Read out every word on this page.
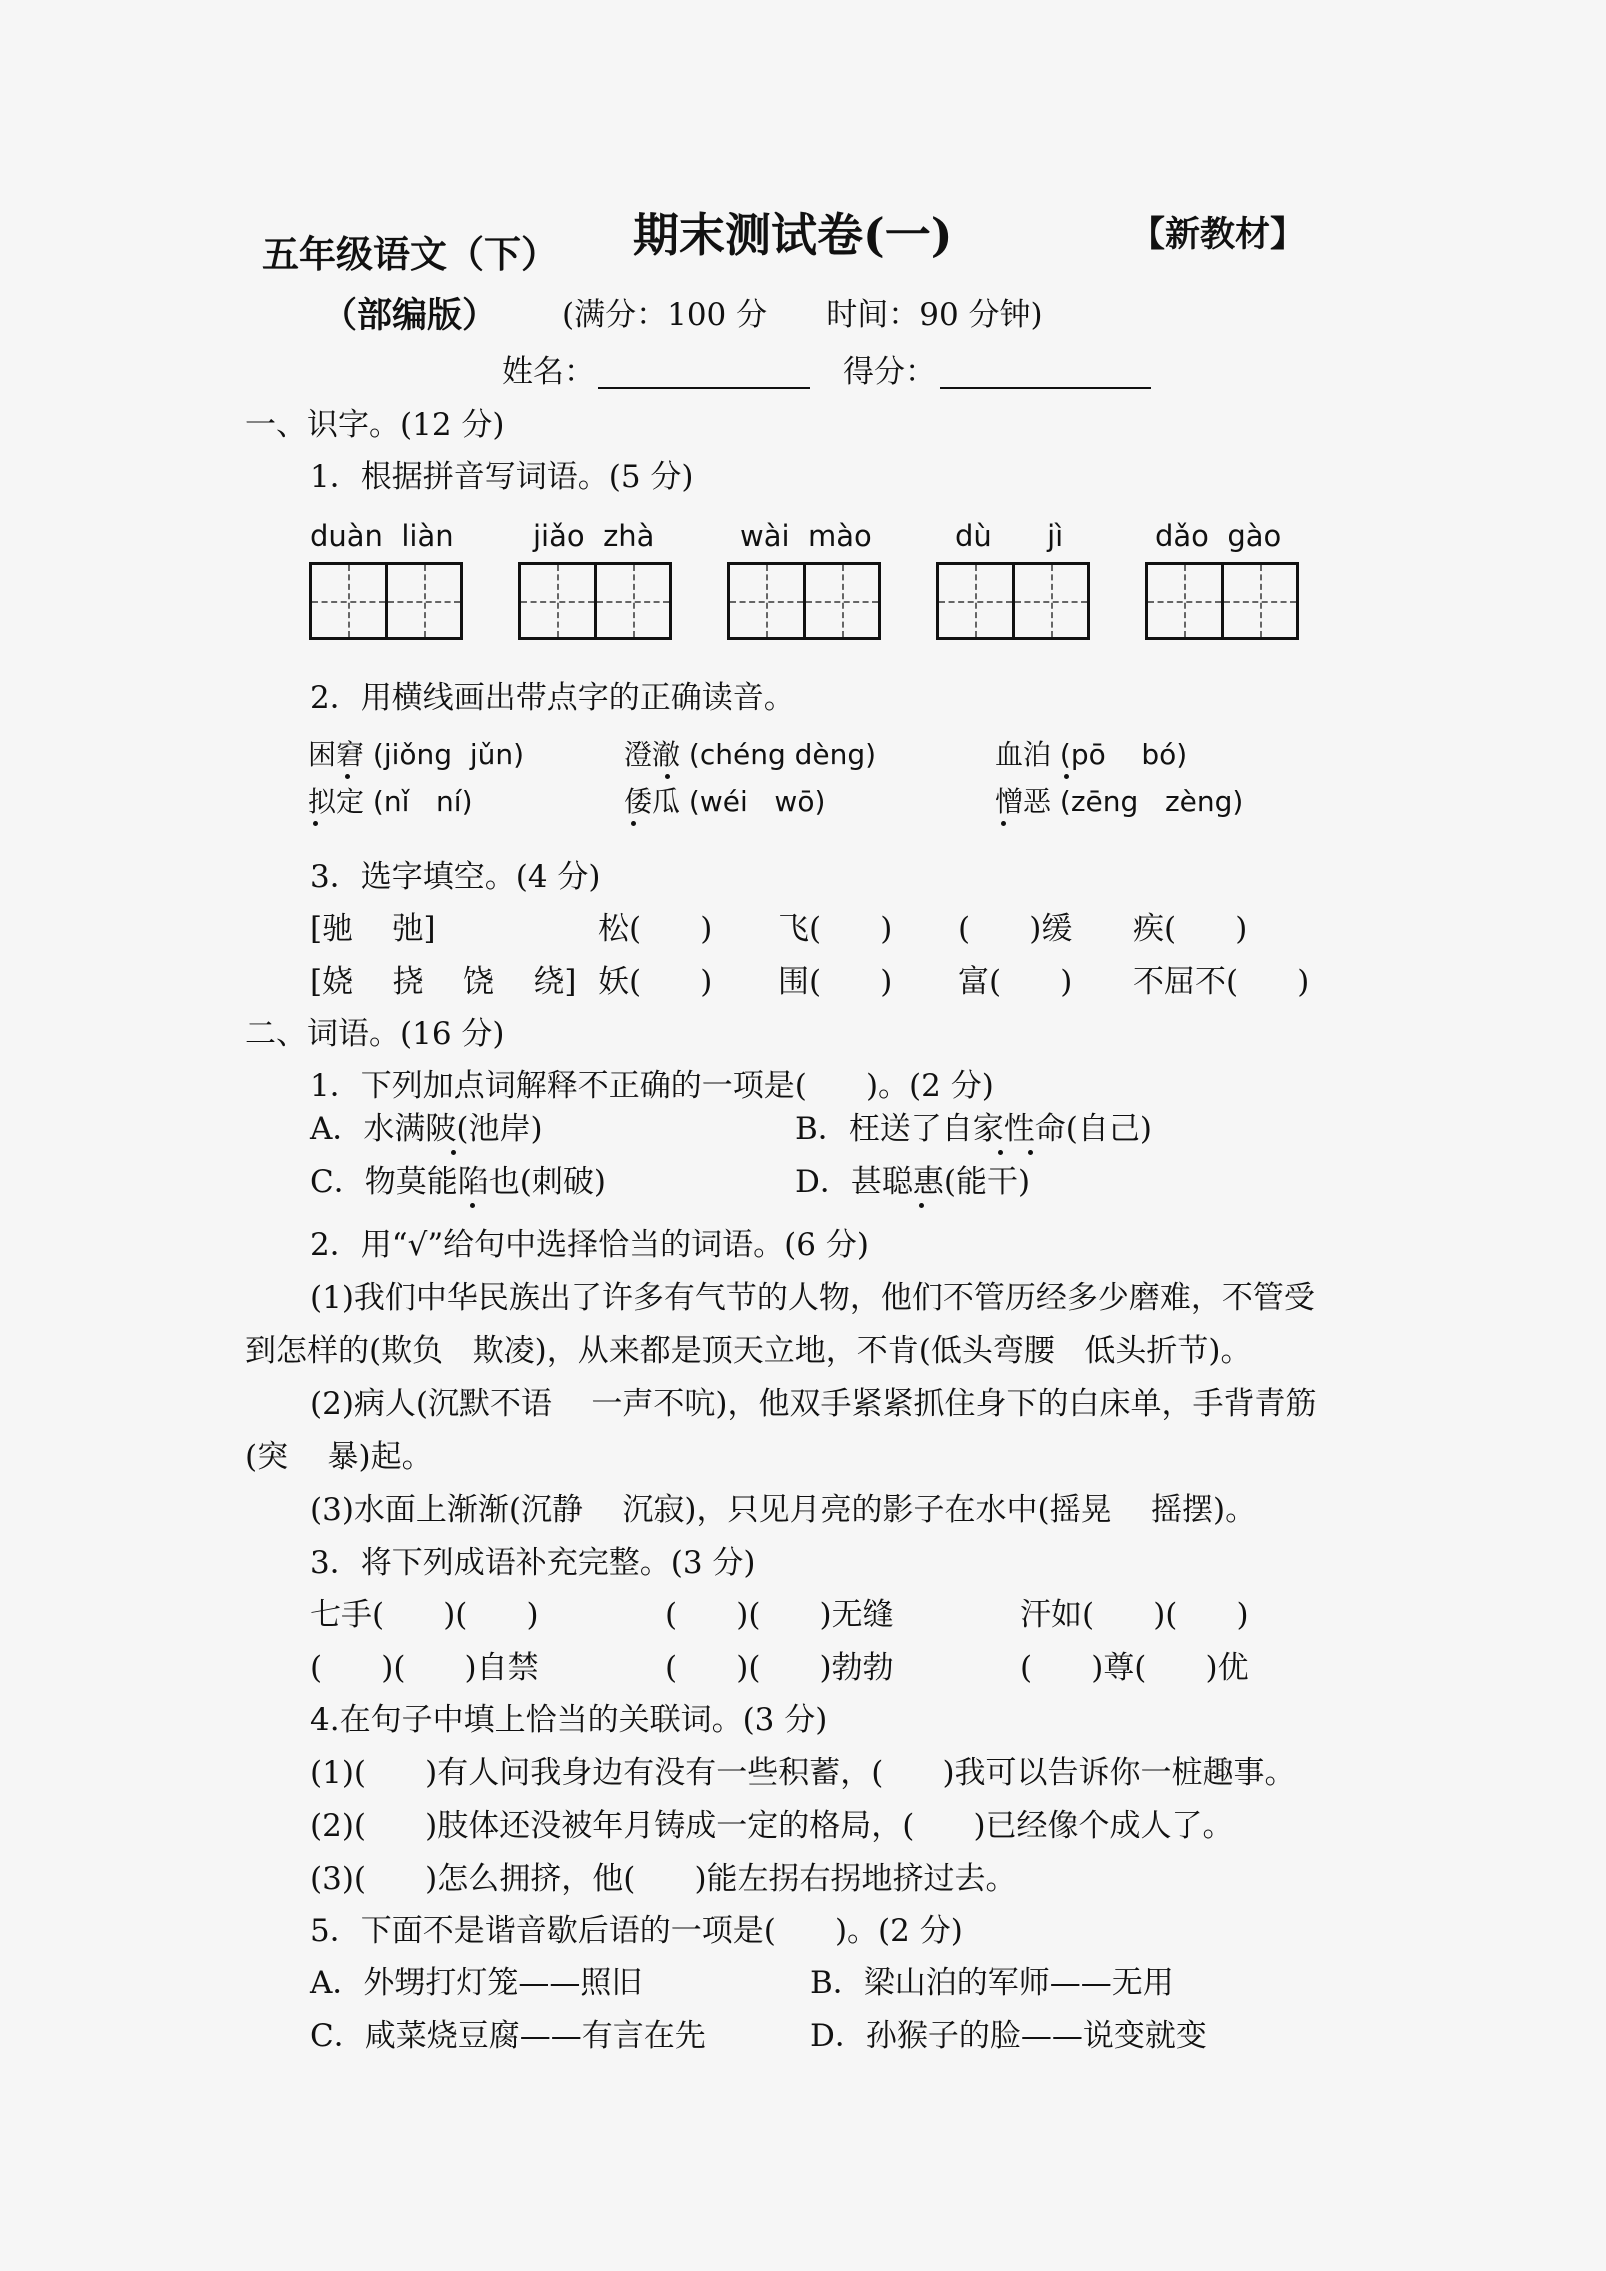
五年级语文（下） 期末测试卷(一)	【新教材】
（部编版） (满分：100 分      时间：90 分钟)
姓名：	得分：
一、识字。(12 分)
1．根据拼音写词语。(5 分)
duàn  liàn	jiǎo  zhà	wài  mào	dù      jì	dǎo  gào
2．用横线画出带点字的正确读音。
困窘 (jiǒng  jǔn)	澄澈 (chéng dèng)	血泊 (pō    bó)
拟定 (nǐ   ní)	倭瓜 (wéi   wō)	憎恶 (zēng   zèng)
3．选字填空。(4 分)
[驰    弛]	松(      ) 飞(      ) (      )缓 疾(      )
[娆    挠    饶    绕] 妖(      ) 围(      ) 富(      ) 不屈不(      )
二、词语。(16 分)
1．下列加点词解释不正确的一项是(      )。(2 分)
A．水满陂(池岸)	B．枉送了自家性命(自己)
C．物莫能陷也(刺破)	D．甚聪惠(能干)
2．用“√”给句中选择恰当的词语。(6 分)
(1)我们中华民族出了许多有气节的人物，他们不管历经多少磨难，不管受
到怎样的(欺负   欺凌)，从来都是顶天立地，不肯(低头弯腰   低头折节)。
(2)病人(沉默不语    一声不吭)，他双手紧紧抓住身下的白床单，手背青筋
(突    暴)起。
(3)水面上渐渐(沉静    沉寂)，只见月亮的影子在水中(摇晃    摇摆)。
3．将下列成语补充完整。(3 分)
七手(      )(      )	(      )(      )无缝	汗如(      )(      )
(      )(      )自禁	(      )(      )勃勃	(      )尊(      )优
4.在句子中填上恰当的关联词。(3 分)
(1)(      )有人问我身边有没有一些积蓄，(      )我可以告诉你一桩趣事。
(2)(      )肢体还没被年月铸成一定的格局，(      )已经像个成人了。
(3)(      )怎么拥挤，他(      )能左拐右拐地挤过去。
5．下面不是谐音歇后语的一项是(      )。(2 分)
A．外甥打灯笼——照旧	B．梁山泊的军师——无用
C．咸菜烧豆腐——有言在先	D．孙猴子的脸——说变就变
